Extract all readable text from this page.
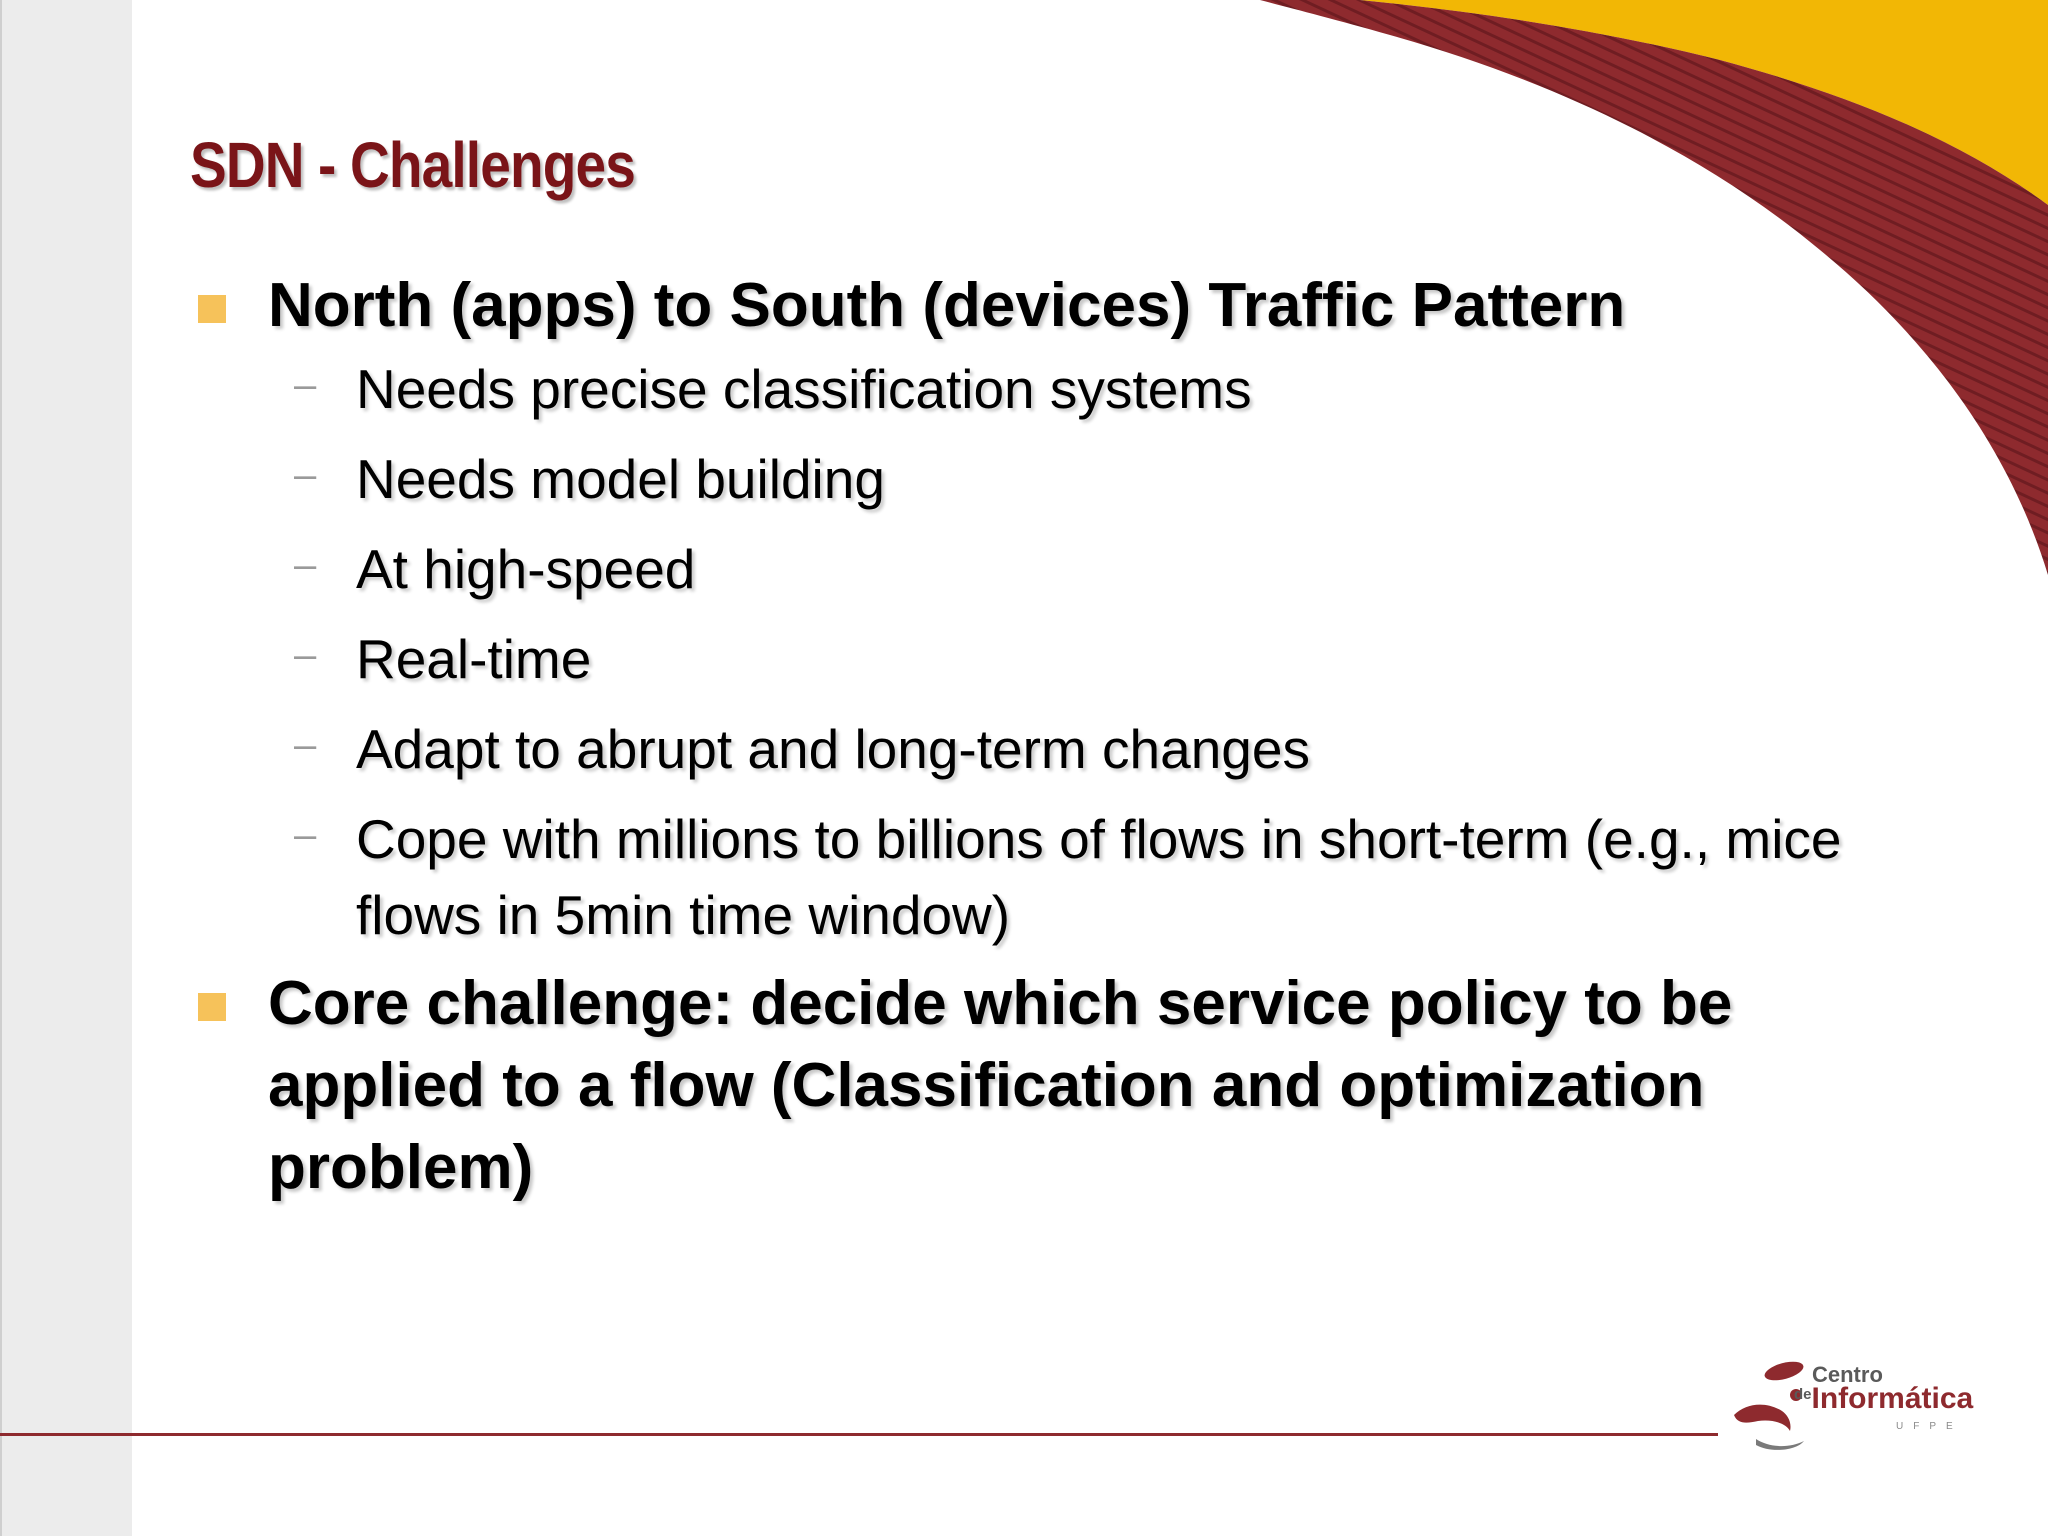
SDN - Challenges
North (apps) to South (devices) Traffic Pattern
– Needs precise classification systems
– Needs model building
– At high-speed
– Real-time
– Adapt to abrupt and long-term changes
– Cope with millions to billions of flows in short-term (e.g., mice flows in 5min time window)
Core challenge: decide which service policy to be applied to a flow (Classification and optimization problem)
Centro
$^{de}$Informática
UFPE
